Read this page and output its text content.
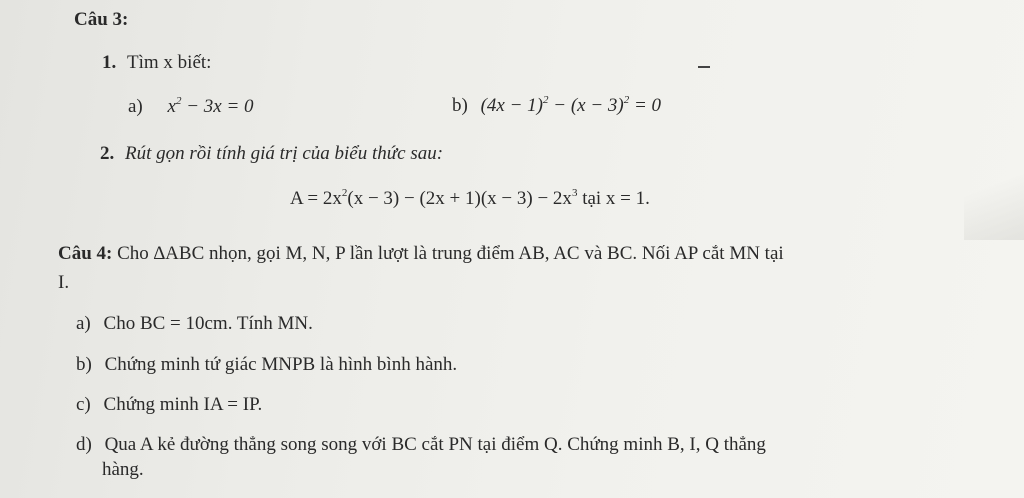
Câu 3:
1. Tìm x biết:
a) $x^2 - 3x = 0$	b) $(4x - 1)^2 - (x - 3)^2 = 0$
2. Rút gọn rồi tính giá trị của biểu thức sau:
$A = 2x^2(x - 3) - (2x + 1)(x - 3) - 2x^3$ tại x = 1.
Câu 4: Cho ∆ABC nhọn, gọi M, N, P lần lượt là trung điểm AB, AC và BC. Nối AP cắt MN tại
I.
a) Cho BC = 10cm. Tính MN.
b) Chứng minh tứ giác MNPB là hình bình hành.
c) Chứng minh IA = IP.
d) Qua A kẻ đường thẳng song song với BC cắt PN tại điểm Q. Chứng minh B, I, Q thẳng
hàng.
